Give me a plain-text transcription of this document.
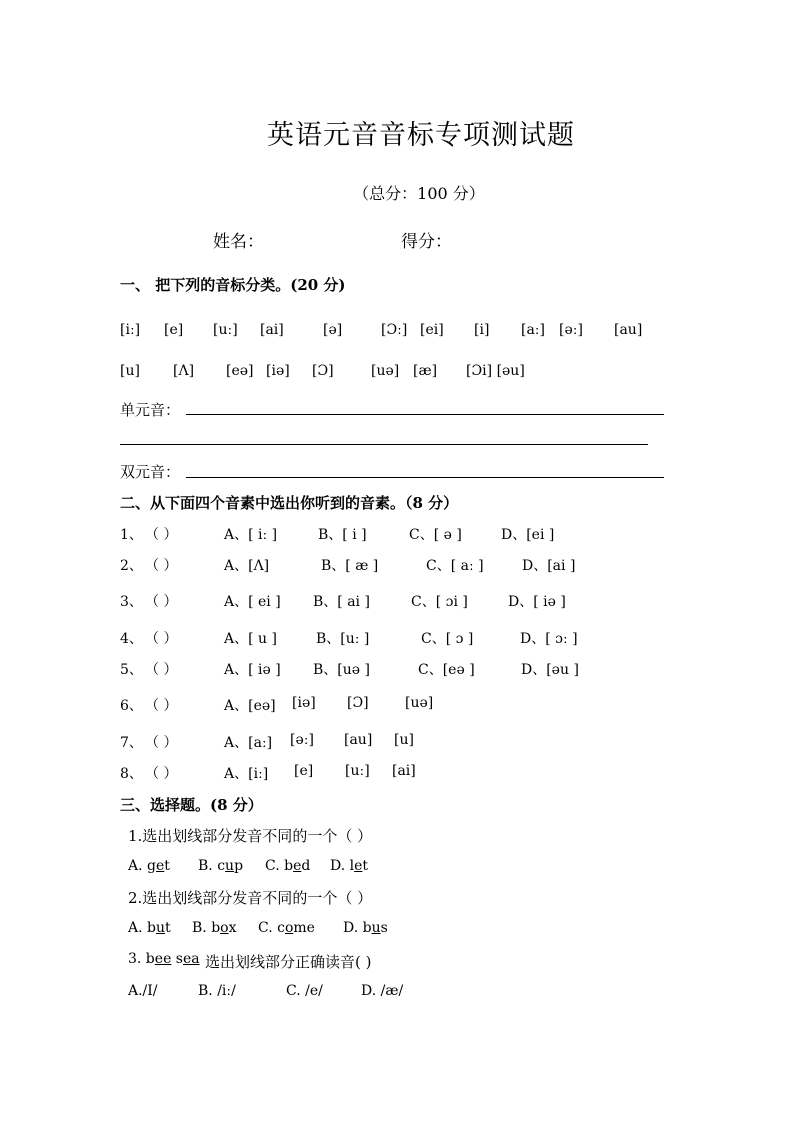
英语元音音标专项测试题
（总分：100 分）
姓名：	得分：
一、 把下列的音标分类。(20 分)
[iː] [e] [uː] [ai]	[ə]	[Ɔː] [ei] [i] [aː] [əː] [au]
[u] [Λ] [eə] [iə] [Ɔ]	[uə] [æ] [Ɔi] [əu]
单元音：
双元音：
二、从下面四个音素中选出你听到的音素。（8 分）
1、 （ ）	A、[ iː ]	B、[ i ]	C、[ ə ]	D、[ei ]
2、 （ ）	A、[Λ]	B、[ æ ]	C、[ aː ]	D、[ai ]
3、 （ ）	A、[ ei ] B、[ ai ]	C、[ ɔi ]	D、[ iə ]
4、 （ ）	A、[ u ]	B、[uː ]	C、[ ɔ ]	D、[ ɔː ]
5、 （ ）	A、[ iə ] B、[uə ]	C、[eə ]	D、[əu ]
6、 （ ）	A、[eə] [iə] [Ɔ]	[uə]
7、 （ ）	A、[aː] [əː] [au] [u]
8、 （ ）	A、[iː] [e] [uː] [ai]
三、选择题。(8 分）
1.选出划线部分发音不同的一个（ ）
A. get B. cup C. bed D. let
2.选出划线部分发音不同的一个（ ）
A. but B. box C. come D. bus
3. bee sea 选出划线部分正确读音( )
A./I/	B. /iː/	C. /e/	D. /æ/
